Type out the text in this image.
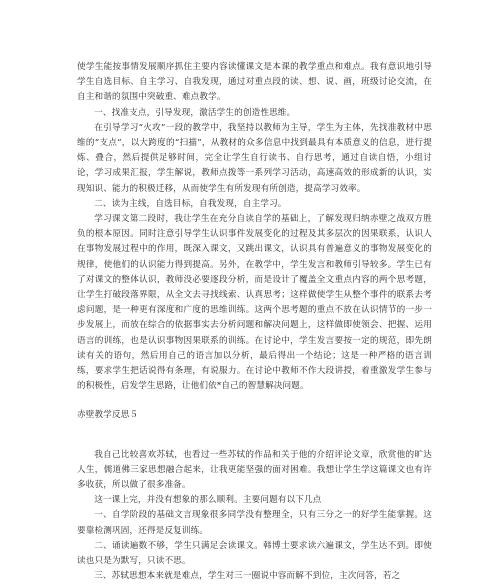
使学生能按事情发展顺序抓住主要内容读懂课文是本课的教学重点和难点。我有意识地引导学生自选目标、自主学习、自我发现，通过对重点段的读、想、说、画，班级讨论交流，在自主和谐的氛围中突破重、难点教学。

一、找准支点，引导发现，激活学生的创造性思维。

在引导学习“火攻”一段的教学中，我坚持以教师为主导，学生为主体，先找准教材中思维的“支点”，以大跨度的“扫描”，从教材的众多信息中找到最具有本质意义的信息，进行提炼、叠合，然后提供足够时间，完全让学生自行读书、自行思考，通过自读自悟，小组讨论，学习成果汇报，学生解说，教师点拨等一系列学习活动，高速高效的形成新的认识，实现知识、能力的积极迁移，从而使学生有所发现有所创造，提高学习效率。

二、读为主线，自选目标，自我发现，自主学习。

学习课文第二段时，我让学生在充分自读自学的基础上，了解发现归纳赤壁之战双方胜负的根本原因。同时注意引导学生认识事件发展变化的过程及其多层次的因果联系，认识人在事物发展过程中的作用，既深入课文，又跳出课文，认识具有普遍意义的事物发展变化的规律，使他们的认识能力得到提高。另外，在教学中，学生发言和教师引导较多。学生已有了对课文的整体认识，教师没必要逐段分析，而是设计了覆盖全文重点内容的两个思考题，让学生打破段落界限，从全文去寻找线索、认真思考；这样做使学生从整个事件的联系去考虑问题，是一种更有深度和广度的思维训练。这两个思考题的重点不放在认识情节的一步一步发展上，而放在综合的依据事实去分析问题和解决问题上，这样做即使领会、把握、运用语言的训练，也是认识事物因果联系的训练。在讨论中，学生发言要按一定的规范，即先朗读有关的语句，然后用自己的语言加以分析，最后得出一个结论；这是一种严格的语言训练，要求学生把话说得有条理，有说服力。在讨论中教师不作大段讲授，着重激发学生参与的积极性，启发学生思路，让他们依*自己的智慧解决问题。

赤壁教学反思５

我自己比较喜欢苏轼，也看过一些苏轼的作品和关于他的介绍评论文章，欣赏他的旷达人生，儒道佛三家思想融合起来，让我更能坚强的面对困难。我想让学生学这篇课文也有许多收获，所以做了很多准备。

这一课上完，并没有想象的那么顺利。主要问题有以下几点

一、自学阶段的基础文言现象很多同学没有整理全，只有三分之一的好学生能掌握。这要靠检测巩固，还得是反复训练。

二、诵读遍数不够，学生只满足会读课文。韩博士要求读六遍课文，学生达不到。即使读也只是为默写，只读不思。

三、苏轼思想本来就是难点，学生对三一圈说中容而解不到位，主次问答，若之
